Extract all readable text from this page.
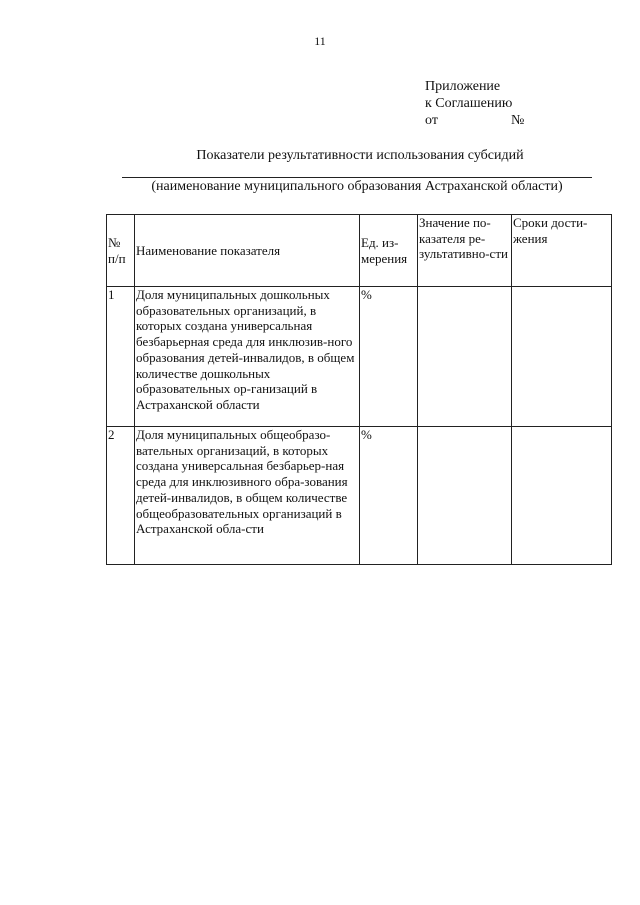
11
Приложение
к Соглашению
от	№
Показатели результативности использования субсидий
(наименование муниципального образования Астраханской области)
№ п/п	Наименование показателя	Ед. из-мерения	Значение по-казателя ре-зультативно-сти	Сроки дости-жения
1	Доля муниципальных дошкольных образовательных организаций, в которых создана универсальная безбарьерная среда для инклюзив-ного образования детей-инвалидов, в общем количестве дошкольных образовательных ор-ганизаций в Астраханской области	%		
2	Доля муниципальных общеобразо-вательных организаций, в которых создана универсальная безбарьер-ная среда для инклюзивного обра-зования детей-инвалидов, в общем количестве общеобразовательных организаций в Астраханской обла-сти	%		
